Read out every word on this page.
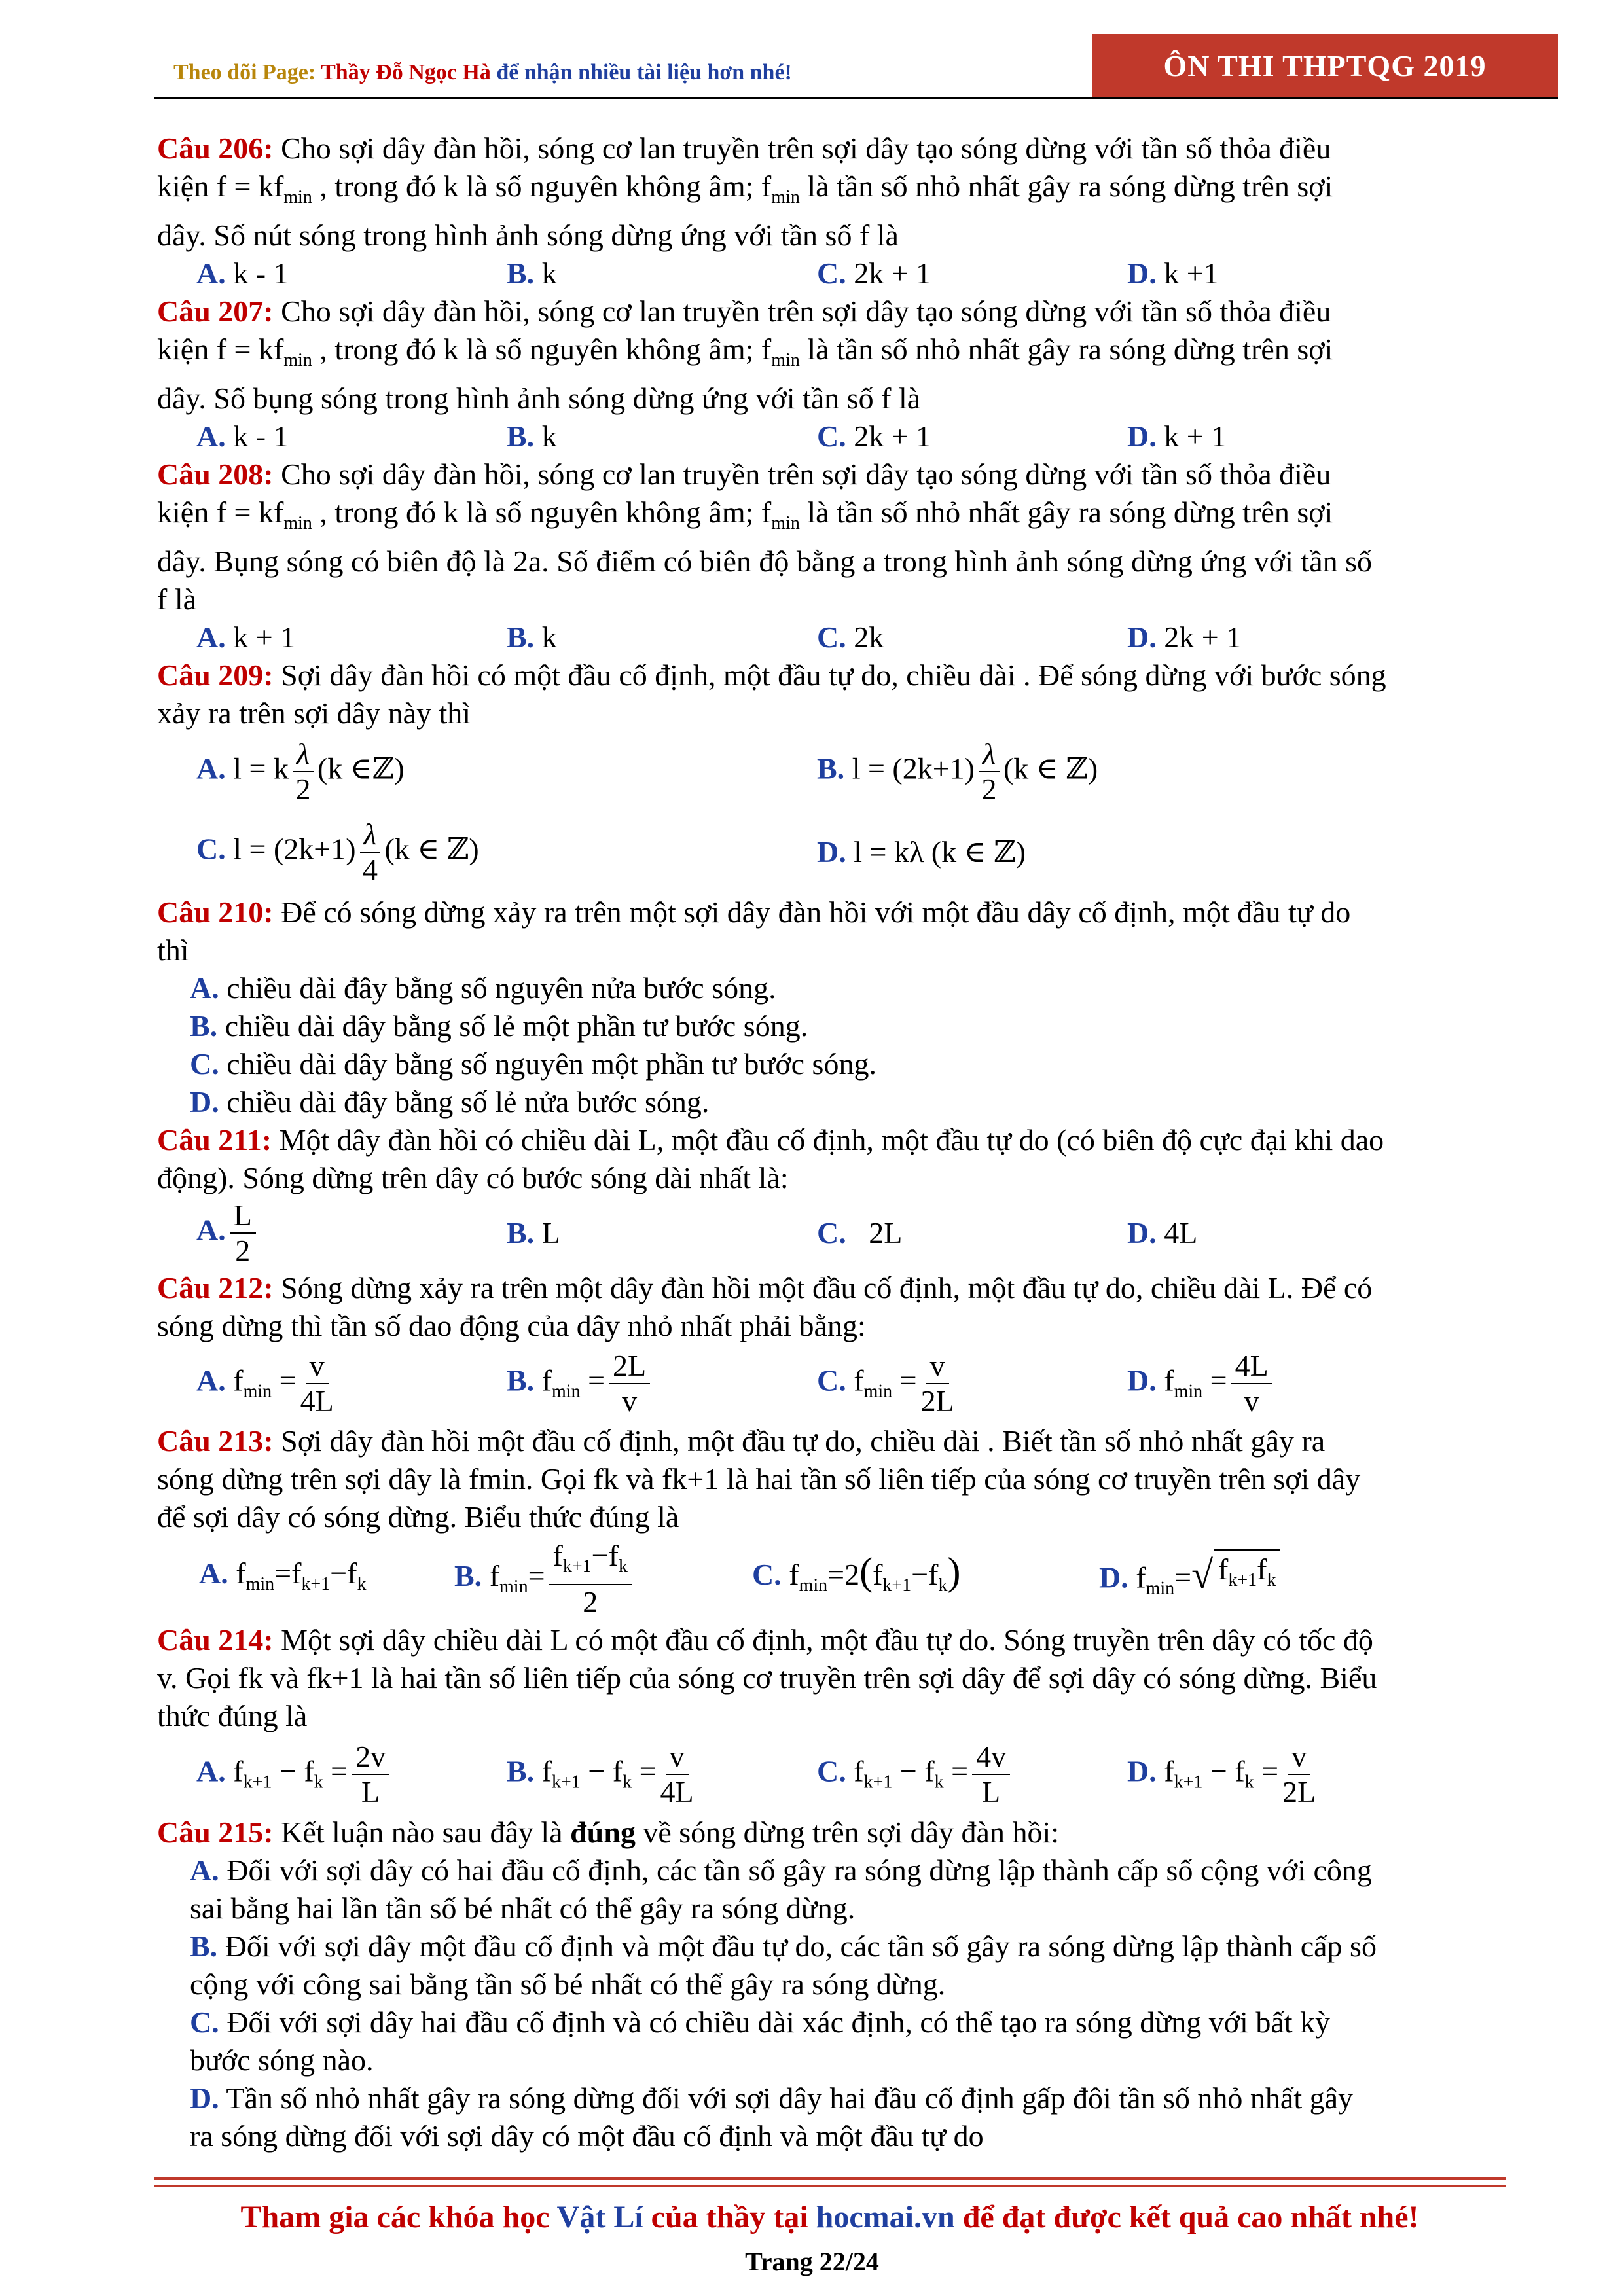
Theo dõi Page: Thầy Đỗ Ngọc Hà để nhận nhiều tài liệu hơn nhé!	ÔN THI THPTQG 2019

Câu 206: Cho sợi dây đàn hồi, sóng cơ lan truyền trên sợi dây tạo sóng dừng với tần số thỏa điều

kiện $f = kf_{min}$ , trong đó k là số nguyên không âm; $f_{min}$ là tần số nhỏ nhất gây ra sóng dừng trên sợi

dây. Số nút sóng trong hình ảnh sóng dừng ứng với tần số f là

A. k - 1	B. k	C. 2k + 1	D. k +1

Câu 207: Cho sợi dây đàn hồi, sóng cơ lan truyền trên sợi dây tạo sóng dừng với tần số thỏa điều

kiện $f = kf_{min}$ , trong đó k là số nguyên không âm; $f_{min}$ là tần số nhỏ nhất gây ra sóng dừng trên sợi

dây. Số bụng sóng trong hình ảnh sóng dừng ứng với tần số f là

A. k - 1	B. k	C. 2k + 1	D. k + 1

Câu 208: Cho sợi dây đàn hồi, sóng cơ lan truyền trên sợi dây tạo sóng dừng với tần số thỏa điều

kiện $f = kf_{min}$ , trong đó k là số nguyên không âm; $f_{min}$ là tần số nhỏ nhất gây ra sóng dừng trên sợi

dây. Bụng sóng có biên độ là 2a. Số điểm có biên độ bằng a trong hình ảnh sóng dừng ứng với tần số

f là

A. k + 1	B. k	C. 2k	D. 2k + 1

Câu 209: Sợi dây đàn hồi có một đầu cố định, một đầu tự do, chiều dài . Để sóng dừng với bước sóng

xảy ra trên sợi dây này thì

A. l = k $\frac{\lambda}{2} (k$ ∈ℤ)	B. $l = (2k+1) \frac{\lambda}{2} (k$ ∈ ℤ)
C. $l = (2k+1) \frac{\lambda}{4} (k$ ∈ ℤ)	D. l = kλ (k ∈ ℤ)

Câu 210: Để có sóng dừng xảy ra trên một sợi dây đàn hồi với một đầu dây cố định, một đầu tự do

thì

A. chiều dài đây bằng số nguyên nửa bước sóng.

B. chiều dài dây bằng số lẻ một phần tư bước sóng.

C. chiều dài dây bằng số nguyên một phần tư bước sóng.

D. chiều dài đây bằng số lẻ nửa bước sóng.

Câu 211: Một dây đàn hồi có chiều dài L, một đầu cố định, một đầu tự do (có biên độ cực đại khi dao

động). Sóng dừng trên dây có bước sóng dài nhất là:

A. $\frac{L}{2}$	B. L	C.   2L	D. 4L

Câu 212: Sóng dừng xảy ra trên một dây đàn hồi một đầu cố định, một đầu tự do, chiều dài L. Để có

sóng dừng thì tần số dao động của dây nhỏ nhất phải bằng:

A. $f_{min} = \frac{v}{4L}$	B. $f_{min} = \frac{2L}{v}$	C. $f_{min} = \frac{v}{2L}$	D. $f_{min} = \frac{4L}{v}$

Câu 213: Sợi dây đàn hồi một đầu cố định, một đầu tự do, chiều dài . Biết tần số nhỏ nhất gây ra

sóng dừng trên sợi dây là fmin. Gọi fk và fk+1 là hai tần số liên tiếp của sóng cơ truyền trên sợi dây

để sợi dây có sóng dừng. Biểu thức đúng là

A. $f_{min}=f_{k+1}-f_k$	B. $f_{min}= \frac{f_{k+1}-f_k}{2}$	C. $f_{min}=2(f_{k+1}-f_k)$	D. $f_{min}=$ √ $f_{k+1}f_k$

Câu 214: Một sợi dây chiều dài L có một đầu cố định, một đầu tự do. Sóng truyền trên dây có tốc độ

v. Gọi fk và fk+1 là hai tần số liên tiếp của sóng cơ truyền trên sợi dây để sợi dây có sóng dừng. Biểu

thức đúng là

A. $f_{k+1} - f_k = \frac{2v}{L}$	B. $f_{k+1} - f_k = \frac{v}{4L}$	C. $f_{k+1} - f_k = \frac{4v}{L}$	D. $f_{k+1} - f_k = \frac{v}{2L}$

Câu 215: Kết luận nào sau đây là đúng về sóng dừng trên sợi dây đàn hồi:

A. Đối với sợi dây có hai đầu cố định, các tần số gây ra sóng dừng lập thành cấp số cộng với công
sai bằng hai lần tần số bé nhất có thể gây ra sóng dừng.

B. Đối với sợi dây một đầu cố định và một đầu tự do, các tần số gây ra sóng dừng lập thành cấp số
cộng với công sai bằng tần số bé nhất có thể gây ra sóng dừng.

C. Đối với sợi dây hai đầu cố định và có chiều dài xác định, có thể tạo ra sóng dừng với bất kỳ
bước sóng nào.

D. Tần số nhỏ nhất gây ra sóng dừng đối với sợi dây hai đầu cố định gấp đôi tần số nhỏ nhất gây
ra sóng dừng đối với sợi dây có một đầu cố định và một đầu tự do

Tham gia các khóa học Vật Lí của thầy tại hocmai.vn để đạt được kết quả cao nhất nhé!
Trang 22/24
